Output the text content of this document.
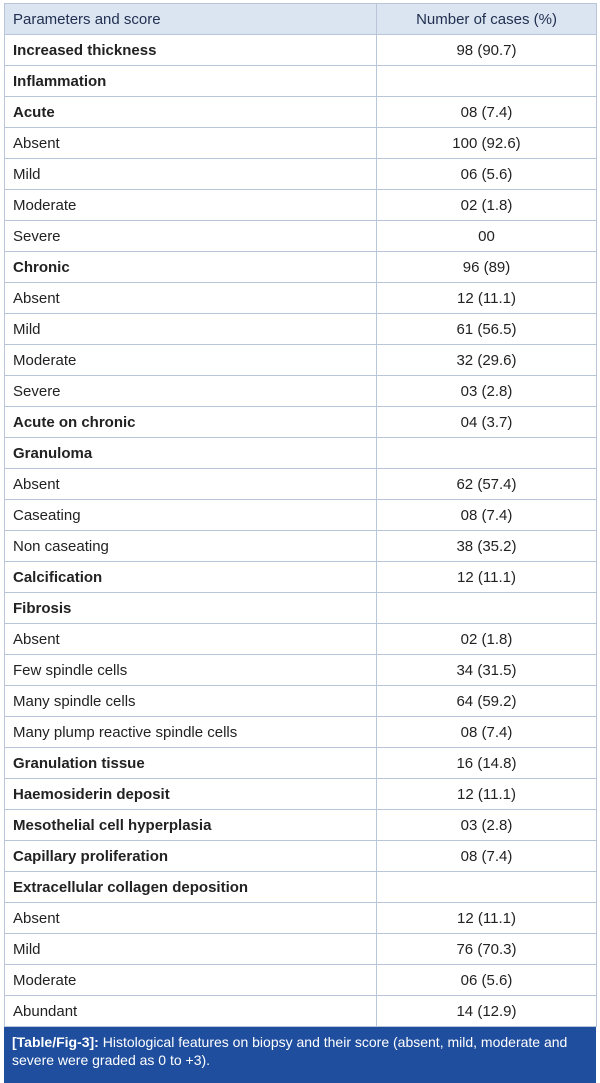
Parameters and score	Number of cases (%)
Increased thickness	98 (90.7)
Inflammation	
Acute	08 (7.4)
Absent	100 (92.6)
Mild	06 (5.6)
Moderate	02 (1.8)
Severe	00
Chronic	96 (89)
Absent	12 (11.1)
Mild	61 (56.5)
Moderate	32 (29.6)
Severe	03 (2.8)
Acute on chronic	04 (3.7)
Granuloma	
Absent	62 (57.4)
Caseating	08 (7.4)
Non caseating	38 (35.2)
Calcification	12 (11.1)
Fibrosis	
Absent	02 (1.8)
Few spindle cells	34 (31.5)
Many spindle cells	64 (59.2)
Many plump reactive spindle cells	08 (7.4)
Granulation tissue	16 (14.8)
Haemosiderin deposit	12 (11.1)
Mesothelial cell hyperplasia	03 (2.8)
Capillary proliferation	08 (7.4)
Extracellular collagen deposition	
Absent	12 (11.1)
Mild	76 (70.3)
Moderate	06 (5.6)
Abundant	14 (12.9)
[Table/Fig-3]: Histological features on biopsy and their score (absent, mild, moderate and severe were graded as 0 to +3).
